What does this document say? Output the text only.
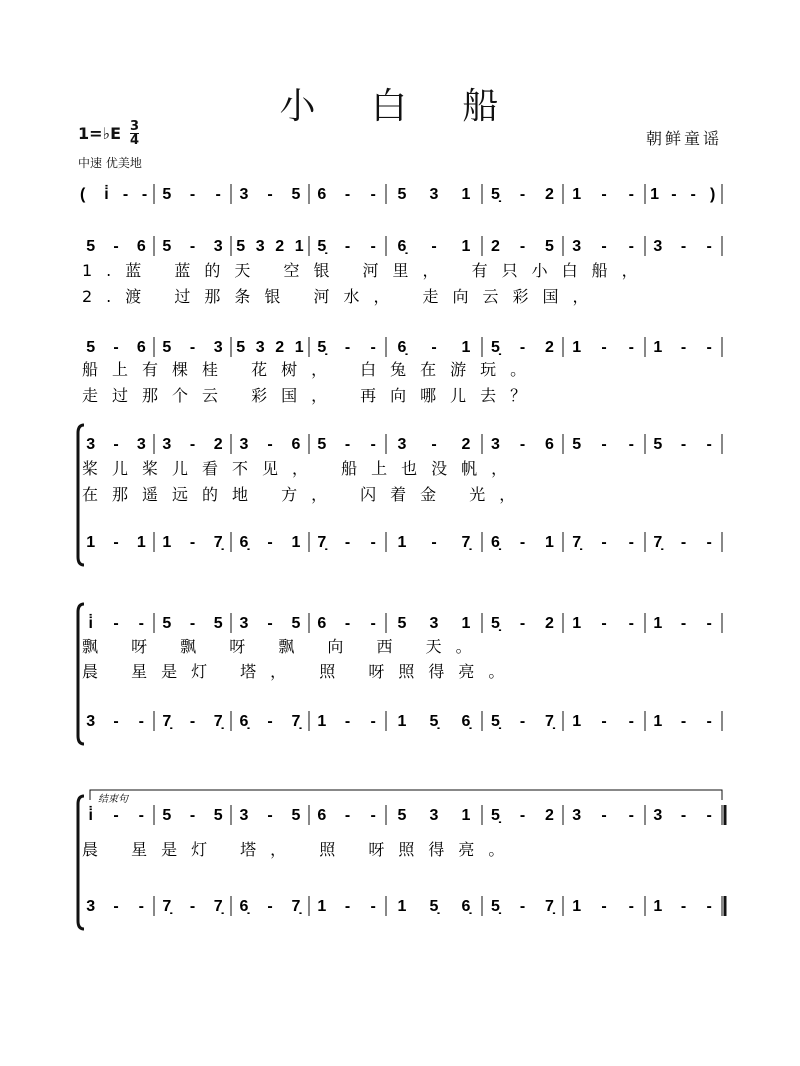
小 白 船
1=♭E 3
4
中速 优美地
朝鲜童谣
( i̇ - - 5 - - 3 - 5 6 - - 5 3 1 5̣ - 2 1 - - 1 - - )
5 - 6 5 - 3 5 3 2 1 5̣ - - 6̣ - 1 2 - 5 3 - - 3 - -
1.蓝 蓝的天 空银 河里， 有只小白船，
2.渡 过那条银 河水， 走向云彩国，
5 - 6 5 - 3 5 3 2 1 5̣ - - 6̣ - 1 5̣ - 2 1 - - 1 - -
船上有棵桂 花树， 白兔在游玩。
走过那个云 彩国， 再向哪儿去？
3 - 3 3 - 2 3 - 6 5 - - 3 - 2 3 - 6 5 - - 5 - -
桨儿桨儿看不见， 船上也没帆，
在那遥远的地 方， 闪着金 光，
1 - 1 1 - 7̣ 6̣ - 1 7̣ - - 1 - 7̣ 6̣ - 1 7̣ - - 7̣ - -
i̇ - - 5 - 5 3 - 5 6 - - 5 3 1 5̣ - 2 1 - - 1 - -
飘 呀 飘 呀 飘 向 西 天。
晨 星是灯 塔， 照 呀照得亮。
3 - - 7̣ - 7̣ 6̣ - 7̣ 1 - - 1 5̣ 6̣ 5̣ - 7̣ 1 - - 1 - -
i̇ - - 5 - 5 3 - 5 6 - - 5 3 1 5̣ - 2 3 - - 3 - -
晨 星是灯 塔， 照 呀照得亮。
3 - - 7̣ - 7̣ 6̣ - 7̣ 1 - - 1 5̣ 6̣ 5̣ - 7̣ 1 - - 1 - -
结束句
